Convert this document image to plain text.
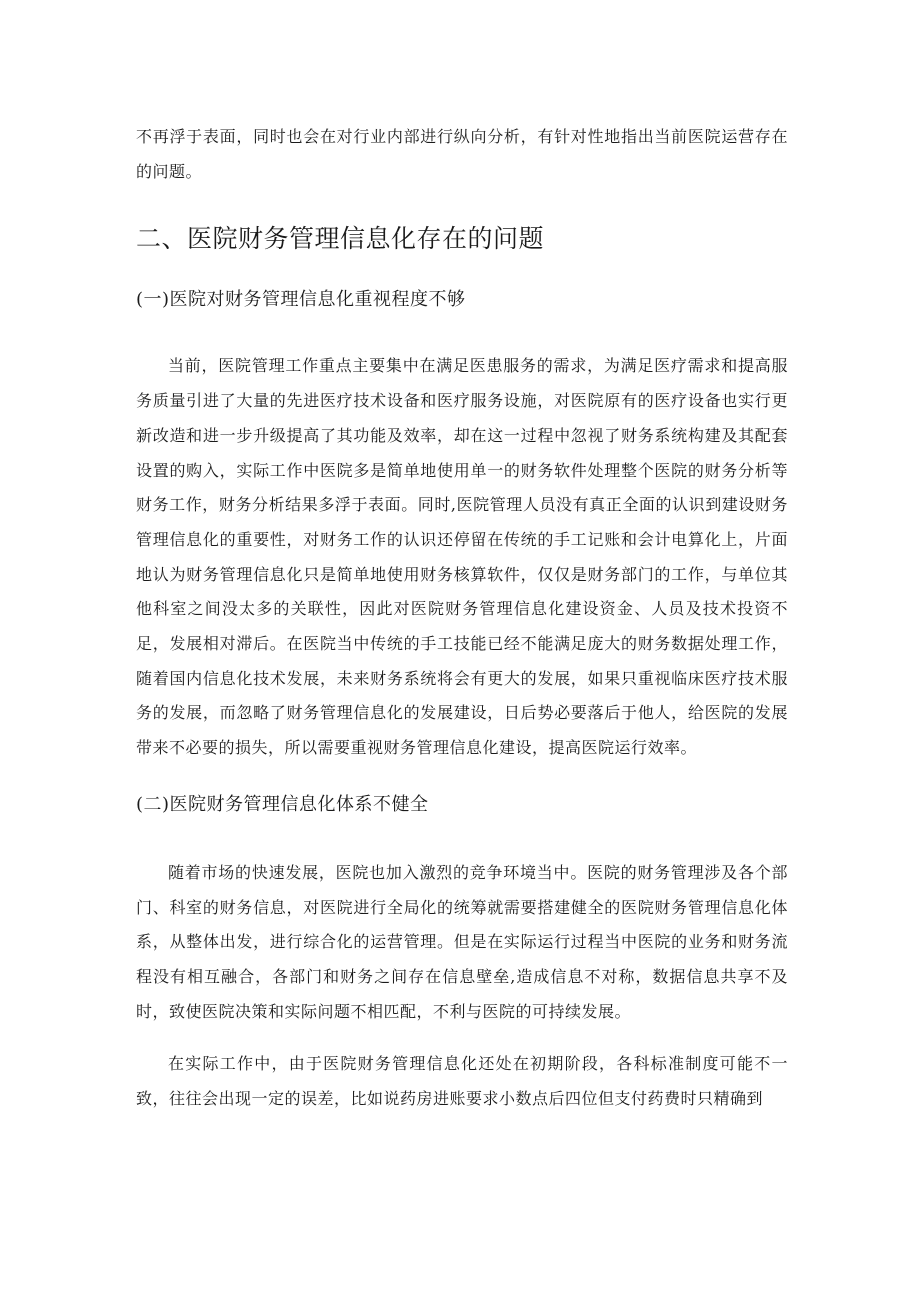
不再浮于表面，同时也会在对行业内部进行纵向分析，有针对性地指出当前医院运营存在的问题。

二、医院财务管理信息化存在的问题
(一)医院对财务管理信息化重视程度不够

当前，医院管理工作重点主要集中在满足医患服务的需求，为满足医疗需求和提高服务质量引进了大量的先进医疗技术设备和医疗服务设施，对医院原有的医疗设备也实行更新改造和进一步升级提高了其功能及效率，却在这一过程中忽视了财务系统构建及其配套设置的购入，实际工作中医院多是简单地使用单一的财务软件处理整个医院的财务分析等财务工作，财务分析结果多浮于表面。同时,医院管理人员没有真正全面的认识到建设财务管理信息化的重要性，对财务工作的认识还停留在传统的手工记账和会计电算化上，片面地认为财务管理信息化只是简单地使用财务核算软件，仅仅是财务部门的工作，与单位其他科室之间没太多的关联性，因此对医院财务管理信息化建设资金、人员及技术投资不足，发展相对滞后。在医院当中传统的手工技能已经不能满足庞大的财务数据处理工作，随着国内信息化技术发展，未来财务系统将会有更大的发展，如果只重视临床医疗技术服务的发展，而忽略了财务管理信息化的发展建设，日后势必要落后于他人，给医院的发展带来不必要的损失，所以需要重视财务管理信息化建设，提高医院运行效率。

(二)医院财务管理信息化体系不健全

随着市场的快速发展，医院也加入激烈的竞争环境当中。医院的财务管理涉及各个部门、科室的财务信息，对医院进行全局化的统筹就需要搭建健全的医院财务管理信息化体系，从整体出发，进行综合化的运营管理。但是在实际运行过程当中医院的业务和财务流程没有相互融合，各部门和财务之间存在信息壁垒,造成信息不对称，数据信息共享不及时，致使医院决策和实际问题不相匹配，不利与医院的可持续发展。

在实际工作中，由于医院财务管理信息化还处在初期阶段，各科标准制度可能不一致，往往会出现一定的误差，比如说药房进账要求小数点后四位但支付药费时只精确到
